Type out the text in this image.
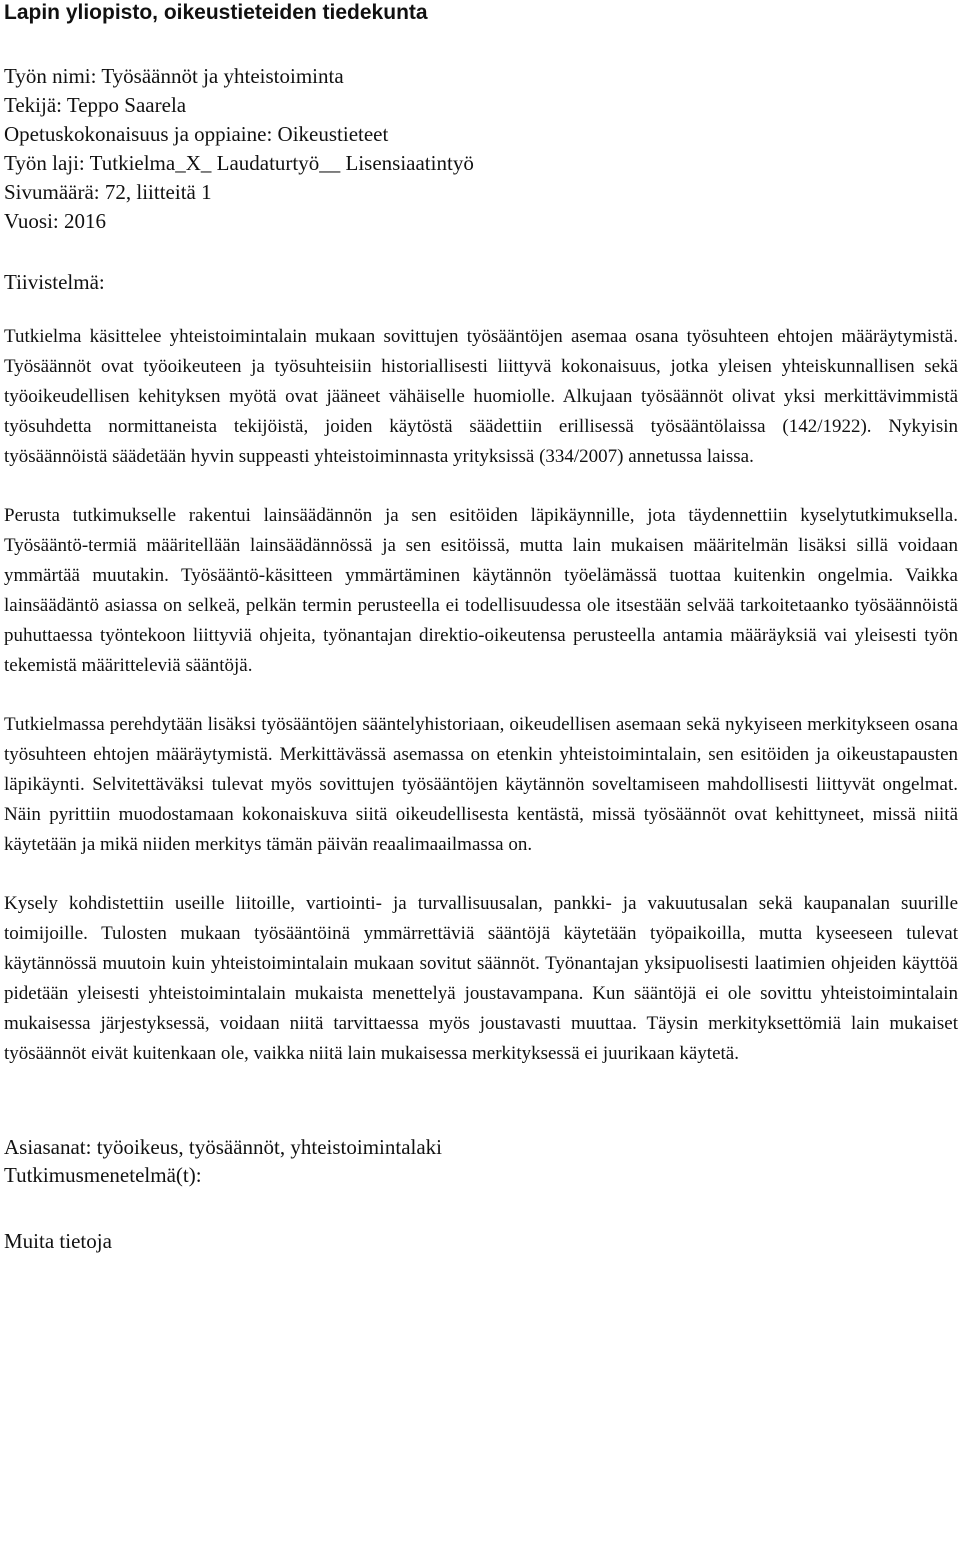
Lapin yliopisto, oikeustieteiden tiedekunta
Työn nimi: Työsäännöt ja yhteistoiminta
Tekijä: Teppo Saarela
Opetuskokonaisuus ja oppiaine: Oikeustieteet
Työn laji: Tutkielma_X_ Laudaturtyö__ Lisensiaatintyö
Sivumäärä: 72, liitteitä 1
Vuosi: 2016
Tiivistelmä:

Tutkielma käsittelee yhteistoimintalain mukaan sovittujen työsääntöjen asemaa osana työsuhteen ehtojen määräytymistä. Työsäännöt ovat työoikeuteen ja työsuhteisiin historiallisesti liittyvä kokonaisuus, jotka yleisen yhteiskunnallisen sekä työoikeudellisen kehityksen myötä ovat jääneet vähäiselle huomiolle. Alkujaan työsäännöt olivat yksi merkittävimmistä työsuhdetta normittaneista tekijöistä, joiden käytöstä säädettiin erillisessä työsääntölaissa (142/1922). Nykyisin työsäännöistä säädetään hyvin suppeasti yhteistoiminnasta yrityksissä (334/2007) annetussa laissa.

Perusta tutkimukselle rakentui lainsäädännön ja sen esitöiden läpikäynnille, jota täydennettiin kyselytutkimuksella. Työsääntö-termiä määritellään lainsäädännössä ja sen esitöissä, mutta lain mukaisen määritelmän lisäksi sillä voidaan ymmärtää muutakin. Työsääntö-käsitteen ymmärtäminen käytännön työelämässä tuottaa kuitenkin ongelmia. Vaikka lainsäädäntö asiassa on selkeä, pelkän termin perusteella ei todellisuudessa ole itsestään selvää tarkoitetaanko työsäännöistä puhuttaessa työntekoon liittyviä ohjeita, työnantajan direktio-oikeutensa perusteella antamia määräyksiä vai yleisesti työn tekemistä määritteleviä sääntöjä.

Tutkielmassa perehdytään lisäksi työsääntöjen sääntelyhistoriaan, oikeudellisen asemaan sekä nykyiseen merkitykseen osana työsuhteen ehtojen määräytymistä. Merkittävässä asemassa on etenkin yhteistoimintalain, sen esitöiden ja oikeustapausten läpikäynti. Selvitettäväksi tulevat myös sovittujen työsääntöjen käytännön soveltamiseen mahdollisesti liittyvät ongelmat. Näin pyrittiin muodostamaan kokonaiskuva siitä oikeudellisesta kentästä, missä työsäännöt ovat kehittyneet, missä niitä käytetään ja mikä niiden merkitys tämän päivän reaalimaailmassa on.

Kysely kohdistettiin useille liitoille, vartiointi- ja turvallisuusalan, pankki- ja vakuutusalan sekä kaupanalan suurille toimijoille. Tulosten mukaan työsääntöinä ymmärrettäviä sääntöjä käytetään työpaikoilla, mutta kyseeseen tulevat käytännössä muutoin kuin yhteistoimintalain mukaan sovitut säännöt. Työnantajan yksipuolisesti laatimien ohjeiden käyttöä pidetään yleisesti yhteistoimintalain mukaista menettelyä joustavampana. Kun sääntöjä ei ole sovittu yhteistoimintalain mukaisessa järjestyksessä, voidaan niitä tarvittaessa myös joustavasti muuttaa. Täysin merkityksettömiä lain mukaiset työsäännöt eivät kuitenkaan ole, vaikka niitä lain mukaisessa merkityksessä ei juurikaan käytetä.

Asiasanat: työoikeus, työsäännöt, yhteistoimintalaki
Tutkimusmenetelmä(t):
Muita tietoja
